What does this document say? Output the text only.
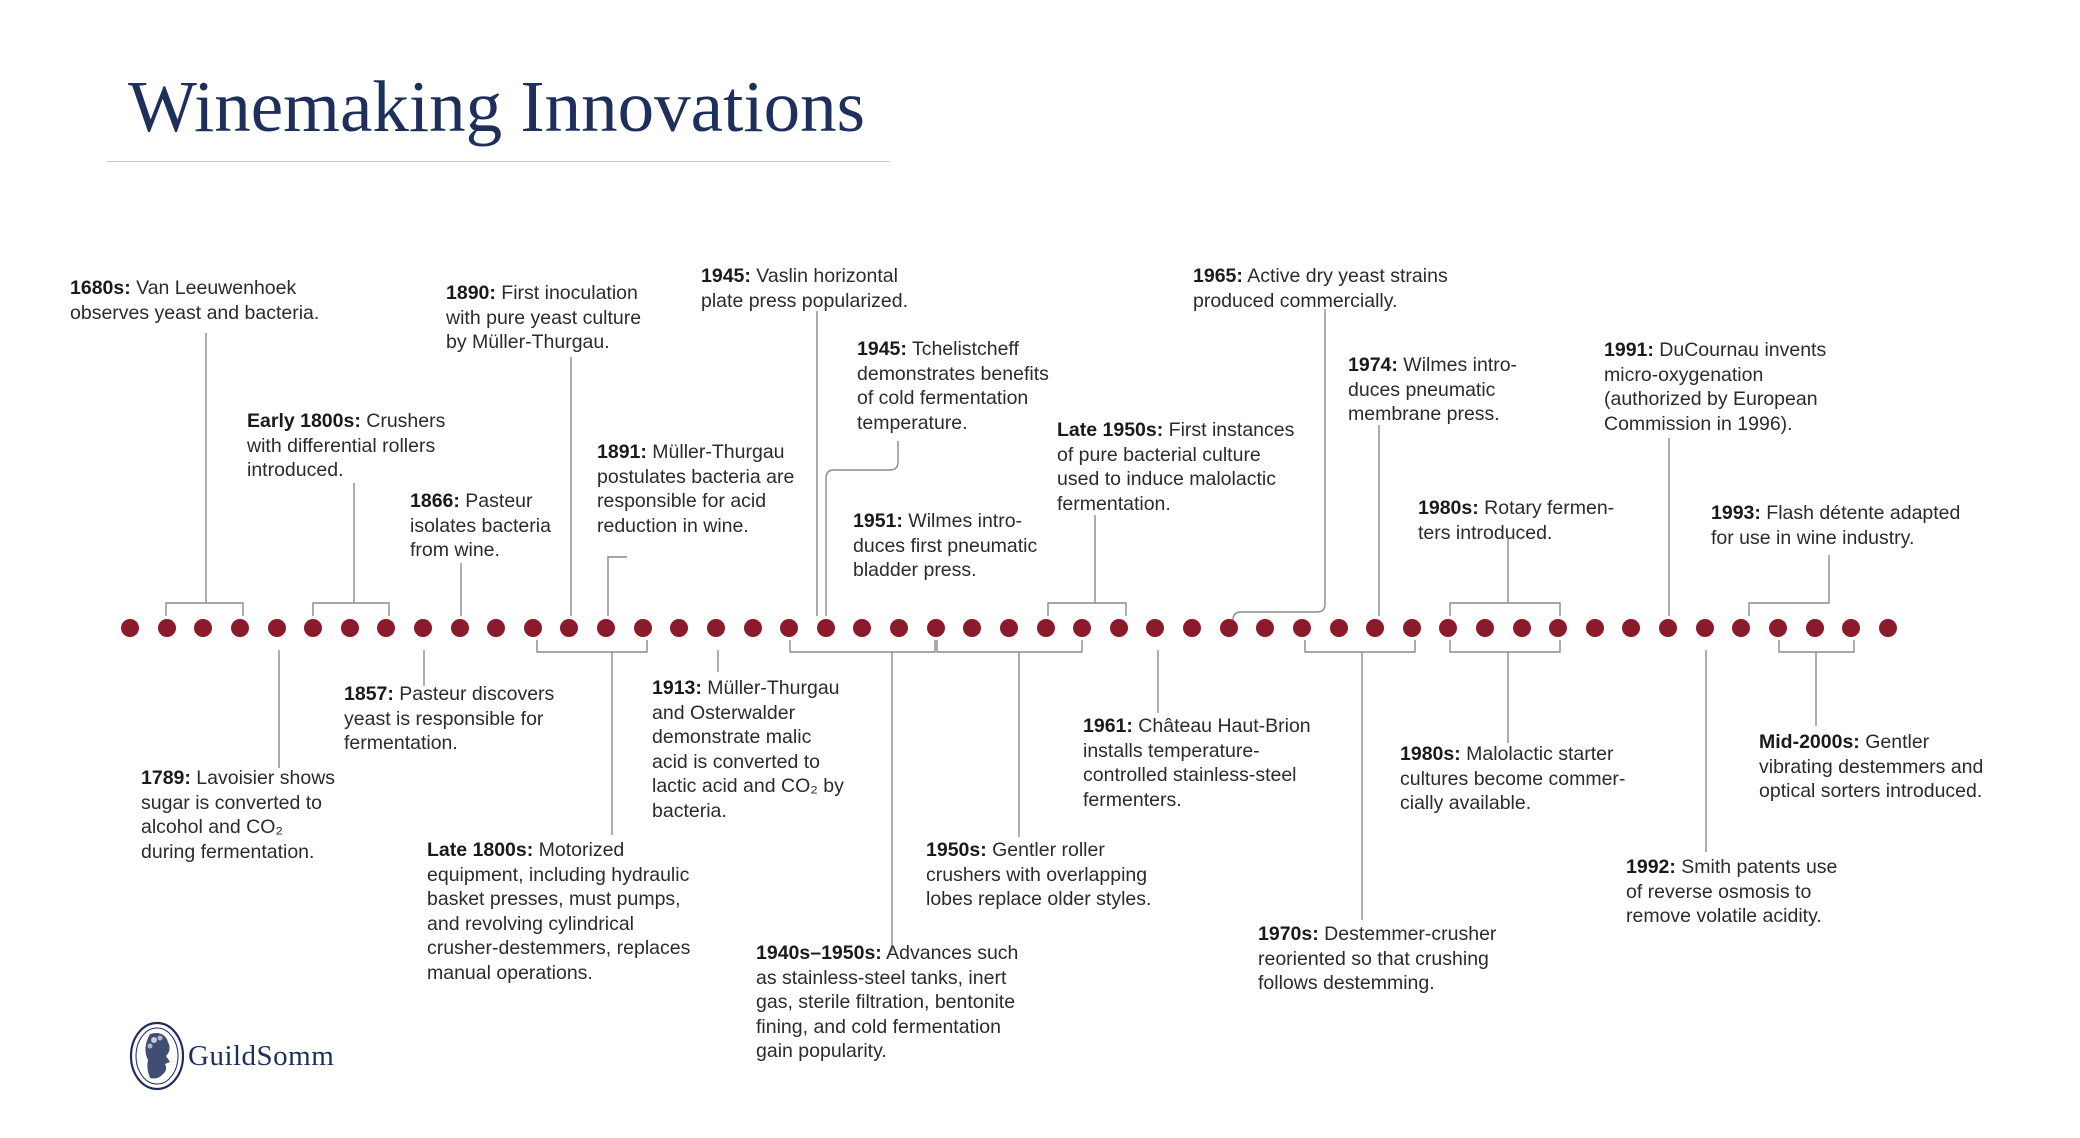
Winemaking Innovations
1680s: Van Leeuwenhoek
observes yeast and bacteria.
Early 1800s: Crushers
with differential rollers
introduced.
1866: Pasteur
isolates bacteria
from wine.
1890: First inoculation
with pure yeast culture
by Müller-Thurgau.
1891: Müller-Thurgau
postulates bacteria are
responsible for acid
reduction in wine.
1945: Vaslin horizontal
plate press popularized.
1945: Tchelistcheff
demonstrates benefits
of cold fermentation
temperature.
1951: Wilmes intro-
duces first pneumatic
bladder press.
Late 1950s: First instances
of pure bacterial culture
used to induce malolactic
fermentation.
1965: Active dry yeast strains
produced commercially.
1974: Wilmes intro-
duces pneumatic
membrane press.
1980s: Rotary fermen-
ters introduced.
1991: DuCournau invents
micro-oxygenation
(authorized by European
Commission in 1996).
1993: Flash détente adapted
for use in wine industry.
1789: Lavoisier shows
sugar is converted to
alcohol and CO₂
during fermentation.
1857: Pasteur discovers
yeast is responsible for
fermentation.
Late 1800s: Motorized
equipment, including hydraulic
basket presses, must pumps,
and revolving cylindrical
crusher-destemmers, replaces
manual operations.
1913: Müller-Thurgau
and Osterwalder
demonstrate malic
acid is converted to
lactic acid and CO₂ by
bacteria.
1940s–1950s: Advances such
as stainless-steel tanks, inert
gas, sterile filtration, bentonite
fining, and cold fermentation
gain popularity.
1950s: Gentler roller
crushers with overlapping
lobes replace older styles.
1961: Château Haut-Brion
installs temperature-
controlled stainless-steel
fermenters.
1970s: Destemmer-crusher
reoriented so that crushing
follows destemming.
1980s: Malolactic starter
cultures become commer-
cially available.
1992: Smith patents use
of reverse osmosis to
remove volatile acidity.
Mid-2000s: Gentler
vibrating destemmers and
optical sorters introduced.
GuildSomm
